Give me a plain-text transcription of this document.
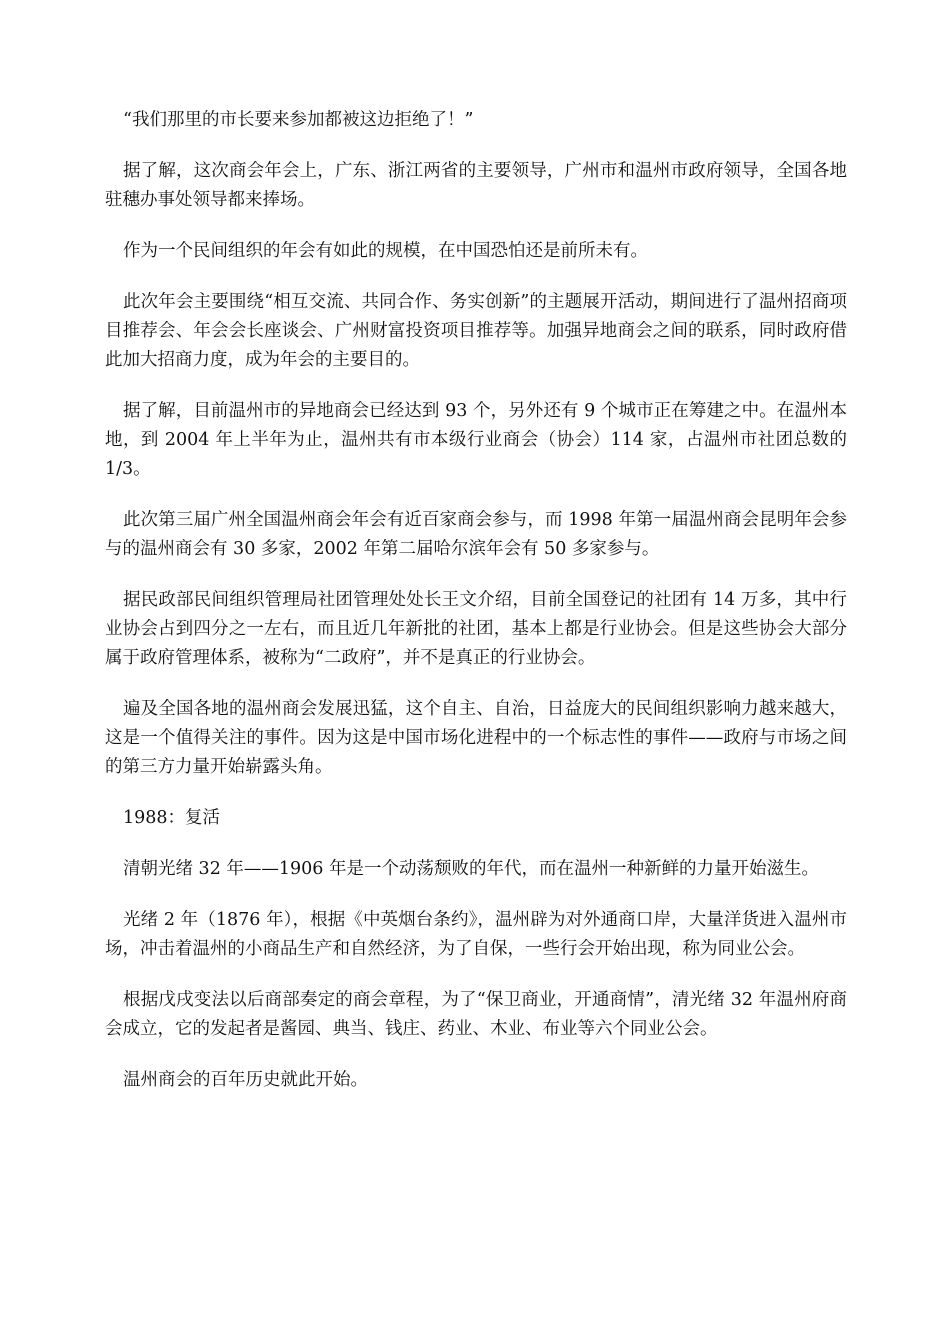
“我们那里的市长要来参加都被这边拒绝了！”

据了解，这次商会年会上，广东、浙江两省的主要领导，广州市和温州市政府领导，全国各地驻穗办事处领导都来捧场。

作为一个民间组织的年会有如此的规模，在中国恐怕还是前所未有。

此次年会主要围绕“相互交流、共同合作、务实创新”的主题展开活动，期间进行了温州招商项目推荐会、年会会长座谈会、广州财富投资项目推荐等。加强异地商会之间的联系，同时政府借此加大招商力度，成为年会的主要目的。

据了解，目前温州市的异地商会已经达到 93 个，另外还有 9 个城市正在筹建之中。在温州本地，到 2004 年上半年为止，温州共有市本级行业商会（协会）114 家，占温州市社团总数的 1/3。

此次第三届广州全国温州商会年会有近百家商会参与，而 1998 年第一届温州商会昆明年会参与的温州商会有 30 多家，2002 年第二届哈尔滨年会有 50 多家参与。

据民政部民间组织管理局社团管理处处长王文介绍，目前全国登记的社团有 14 万多，其中行业协会占到四分之一左右，而且近几年新批的社团，基本上都是行业协会。但是这些协会大部分属于政府管理体系，被称为“二政府”，并不是真正的行业协会。

遍及全国各地的温州商会发展迅猛，这个自主、自治，日益庞大的民间组织影响力越来越大，这是一个值得关注的事件。因为这是中国市场化进程中的一个标志性的事件——政府与市场之间的第三方力量开始崭露头角。

1988：复活

清朝光绪 32 年——1906 年是一个动荡颓败的年代，而在温州一种新鲜的力量开始滋生。

光绪 2 年（1876 年），根据《中英烟台条约》，温州辟为对外通商口岸，大量洋货进入温州市场，冲击着温州的小商品生产和自然经济，为了自保，一些行会开始出现，称为同业公会。

根据戊戌变法以后商部奏定的商会章程，为了“保卫商业，开通商情”，清光绪 32 年温州府商会成立，它的发起者是酱园、典当、钱庄、药业、木业、布业等六个同业公会。

温州商会的百年历史就此开始。
